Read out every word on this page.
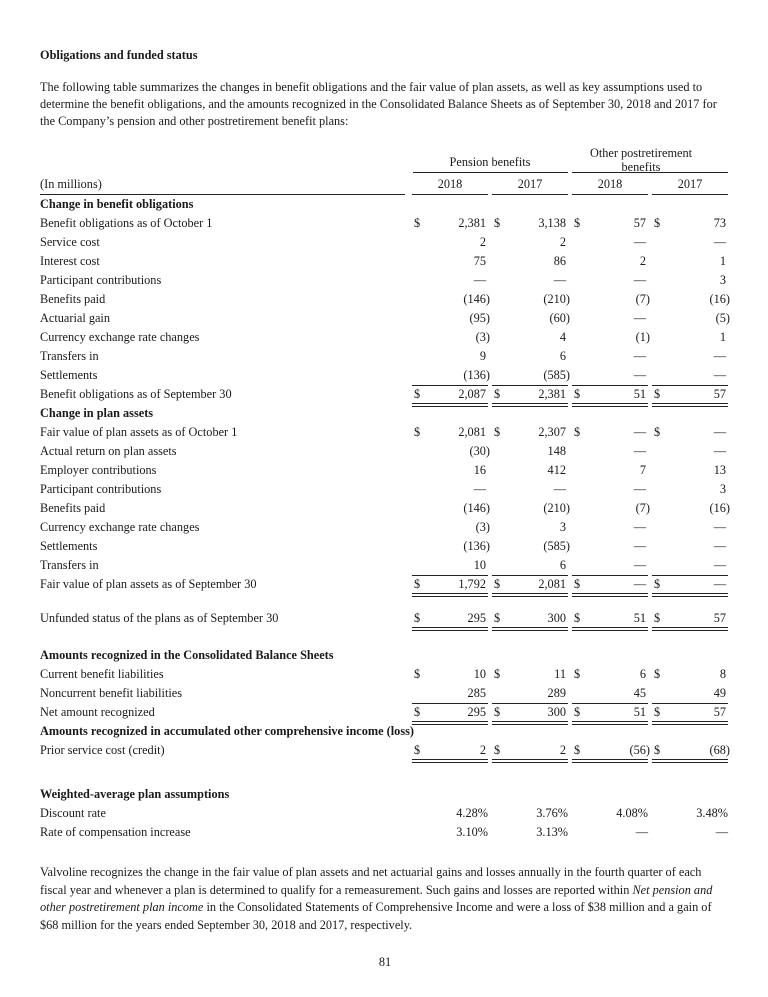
Obligations and funded status
The following table summarizes the changes in benefit obligations and the fair value of plan assets, as well as key assumptions used to determine the benefit obligations, and the amounts recognized in the Consolidated Balance Sheets as of September 30, 2018 and 2017 for the Company’s pension and other postretirement benefit plans:
Pension benefits
Other postretirement benefits
(In millions)	2018	2017	2018	2017
Change in benefit obligations
Benefit obligations as of October 1	$	2,381 $	3,138 $	57 $	73
Service cost	2	2	—	—
Interest cost	75	86	2	1
Participant contributions	—	—	—	3
Benefits paid	(146)	(210)	(7)	(16)
Actuarial gain	(95)	(60)	—	(5)
Currency exchange rate changes	(3)	4	(1)	1
Transfers in	9	6	—	—
Settlements	(136)	(585)	—	—
Benefit obligations as of September 30	$	2,087 $	2,381 $	51 $	57
Change in plan assets
Fair value of plan assets as of October 1	$	2,081 $	2,307 $	— $	—
Actual return on plan assets	(30)	148	—	—
Employer contributions	16	412	7	13
Participant contributions	—	—	—	3
Benefits paid	(146)	(210)	(7)	(16)
Currency exchange rate changes	(3)	3	—	—
Settlements	(136)	(585)	—	—
Transfers in	10	6	—	—
Fair value of plan assets as of September 30	$	1,792 $	2,081 $	— $	—
Unfunded status of the plans as of September 30	$	295 $	300 $	51 $	57
Amounts recognized in the Consolidated Balance Sheets
Current benefit liabilities	$	10 $	11 $	6 $	8
Noncurrent benefit liabilities	285	289	45	49
Net amount recognized	$	295 $	300 $	51 $	57
Amounts recognized in accumulated other comprehensive income (loss)
Prior service cost (credit)	$	2 $	2 $	(56) $	(68)
Weighted-average plan assumptions
Discount rate	4.28%	3.76%	4.08%	3.48%
Rate of compensation increase	3.10%	3.13%	—	—
Valvoline recognizes the change in the fair value of plan assets and net actuarial gains and losses annually in the fourth quarter of each fiscal year and whenever a plan is determined to qualify for a remeasurement. Such gains and losses are reported within Net pension and other postretirement plan income in the Consolidated Statements of Comprehensive Income and were a loss of $38 million and a gain of $68 million for the years ended September 30, 2018 and 2017, respectively.
81
